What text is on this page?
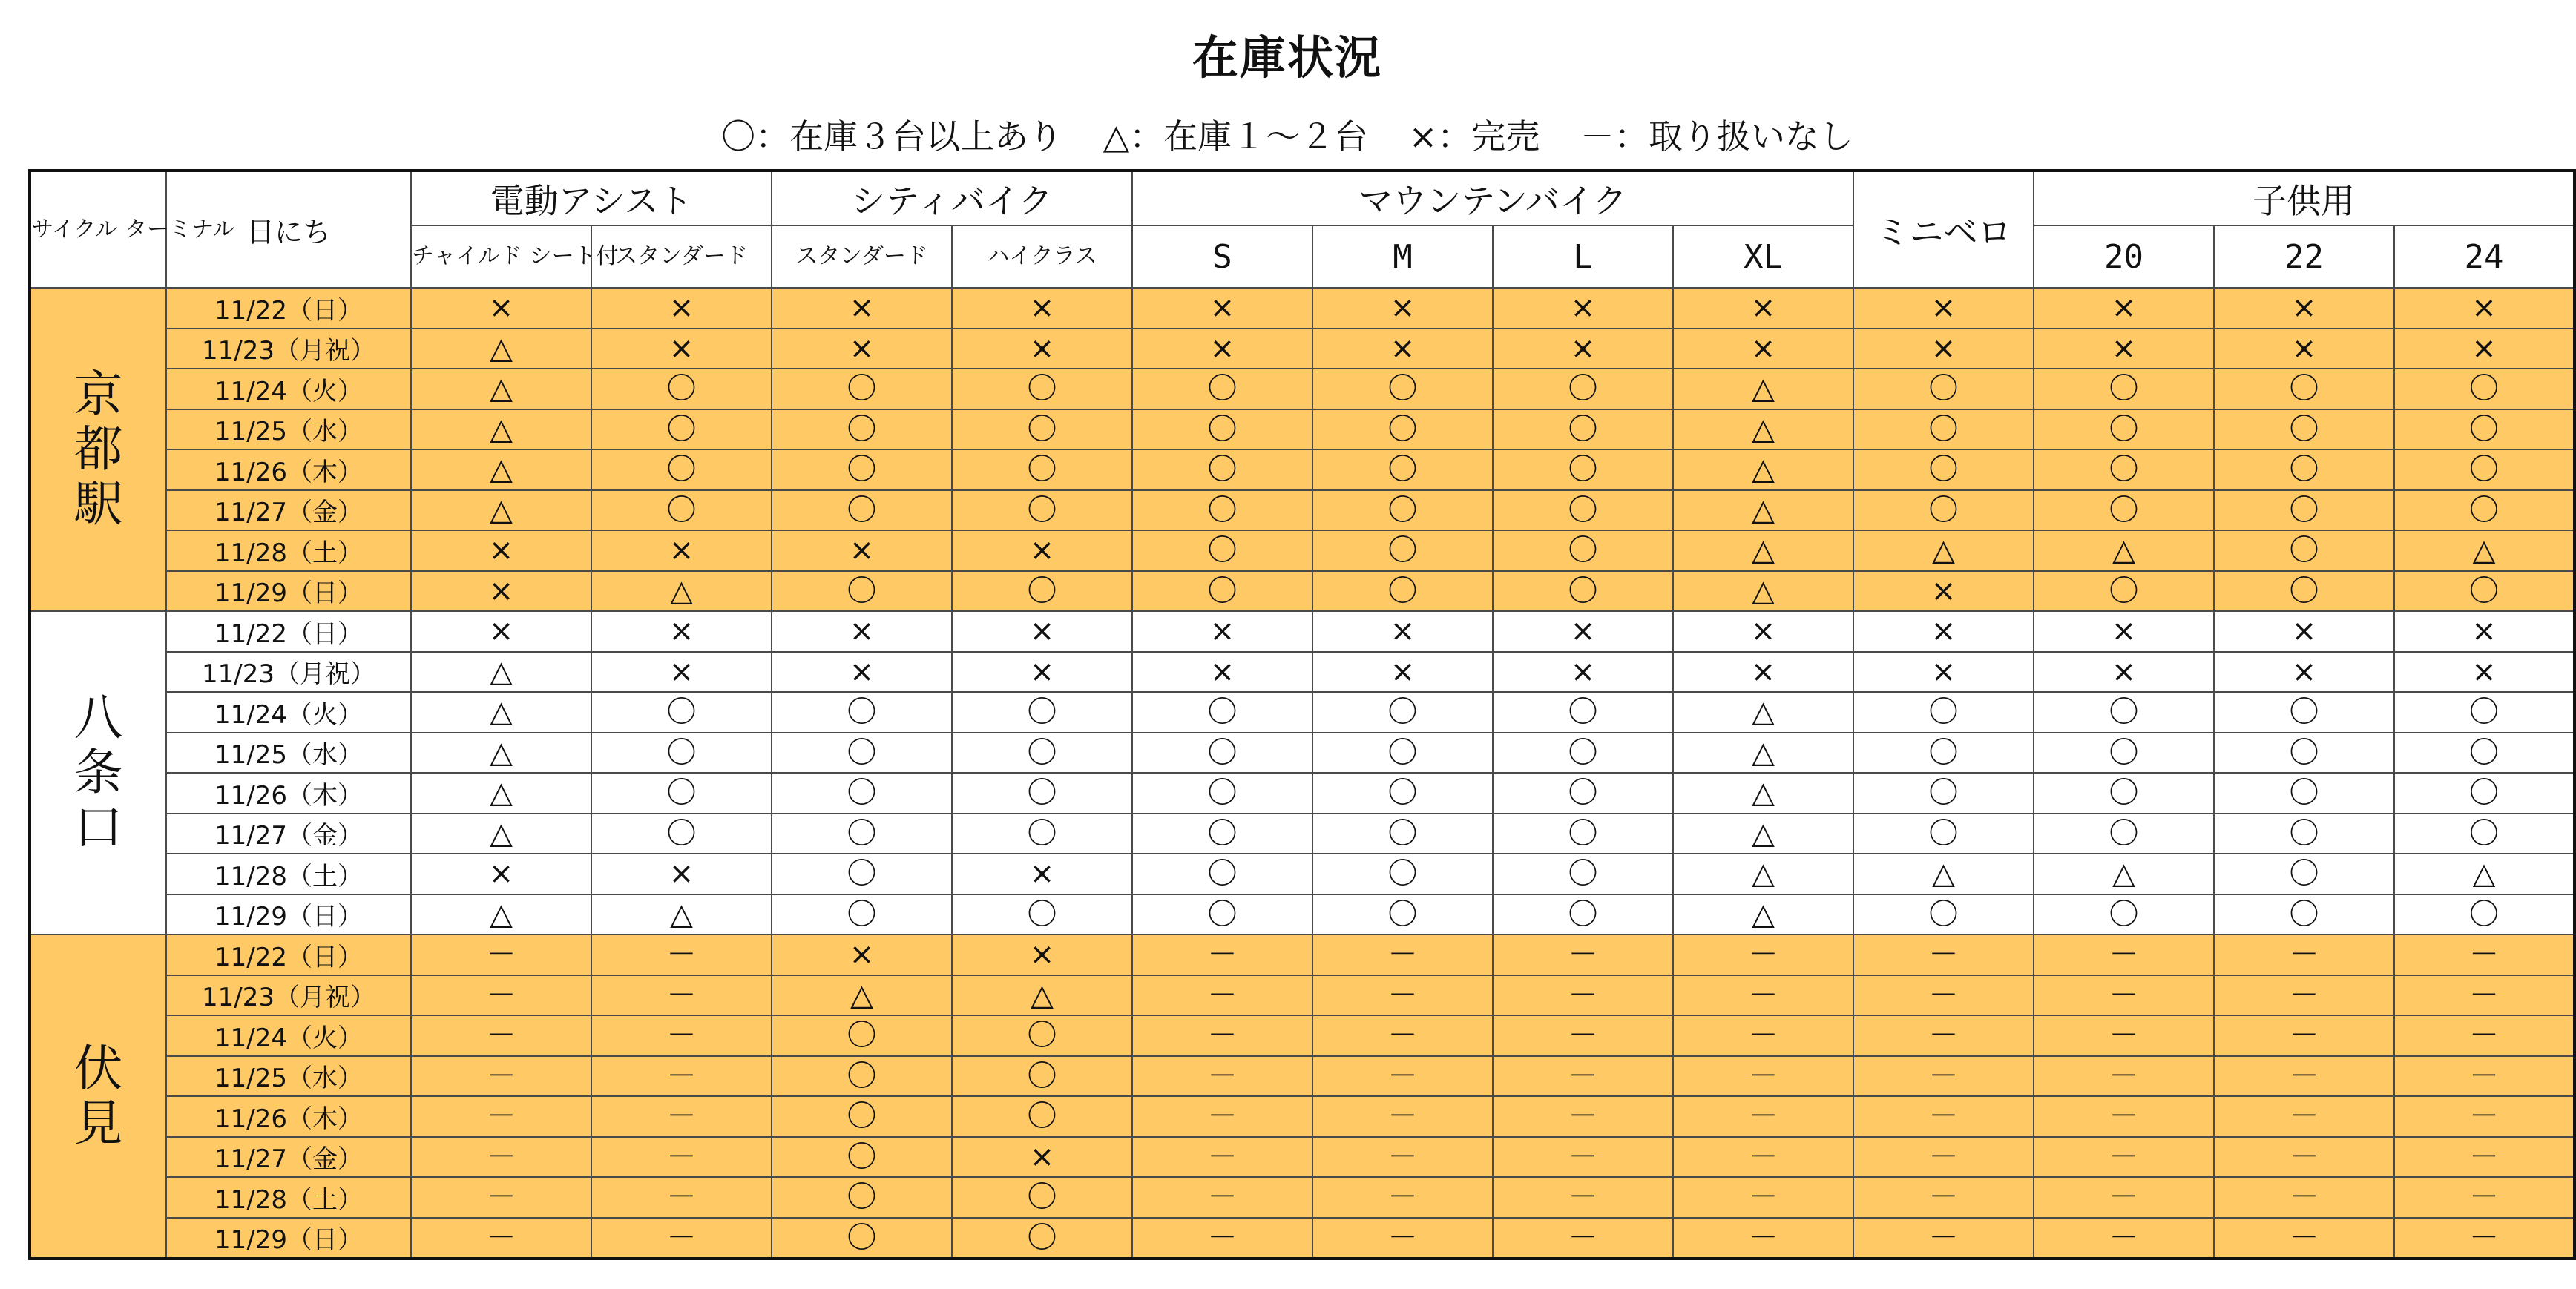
在庫状況
〇：在庫３台以上あり △：在庫１～２台 ×：完売 －：取り扱いなし
サイクル ターミナル	日にち	電動アシスト		シティバイク		マウンテンバイク				ミニベロ	子供用		
		チャイルド シート付	スタンダード	スタンダード	ハイクラス	S	M	L	XL		20	22	24
京都駅	11/22（日）	×	×	×	×	×	×	×	×	×	×	×	×
	11/23（月祝）	△	×	×	×	×	×	×	×	×	×	×	×
	11/24（火）	△	〇	〇	〇	〇	〇	〇	△	〇	〇	〇	〇
	11/25（水）	△	〇	〇	〇	〇	〇	〇	△	〇	〇	〇	〇
	11/26（木）	△	〇	〇	〇	〇	〇	〇	△	〇	〇	〇	〇
	11/27（金）	△	〇	〇	〇	〇	〇	〇	△	〇	〇	〇	〇
	11/28（土）	×	×	×	×	〇	〇	〇	△	△	△	〇	△
	11/29（日）	×	△	〇	〇	〇	〇	〇	△	×	〇	〇	〇
八条口	11/22（日）	×	×	×	×	×	×	×	×	×	×	×	×
	11/23（月祝）	△	×	×	×	×	×	×	×	×	×	×	×
	11/24（火）	△	〇	〇	〇	〇	〇	〇	△	〇	〇	〇	〇
	11/25（水）	△	〇	〇	〇	〇	〇	〇	△	〇	〇	〇	〇
	11/26（木）	△	〇	〇	〇	〇	〇	〇	△	〇	〇	〇	〇
	11/27（金）	△	〇	〇	〇	〇	〇	〇	△	〇	〇	〇	〇
	11/28（土）	×	×	〇	×	〇	〇	〇	△	△	△	〇	△
	11/29（日）	△	△	〇	〇	〇	〇	〇	△	〇	〇	〇	〇
伏見	11/22（日）	－	－	×	×	－	－	－	－	－	－	－	－
	11/23（月祝）	－	－	△	△	－	－	－	－	－	－	－	－
	11/24（火）	－	－	〇	〇	－	－	－	－	－	－	－	－
	11/25（水）	－	－	〇	〇	－	－	－	－	－	－	－	－
	11/26（木）	－	－	〇	〇	－	－	－	－	－	－	－	－
	11/27（金）	－	－	〇	×	－	－	－	－	－	－	－	－
	11/28（土）	－	－	〇	〇	－	－	－	－	－	－	－	－
	11/29（日）	－	－	〇	〇	－	－	－	－	－	－	－	－
